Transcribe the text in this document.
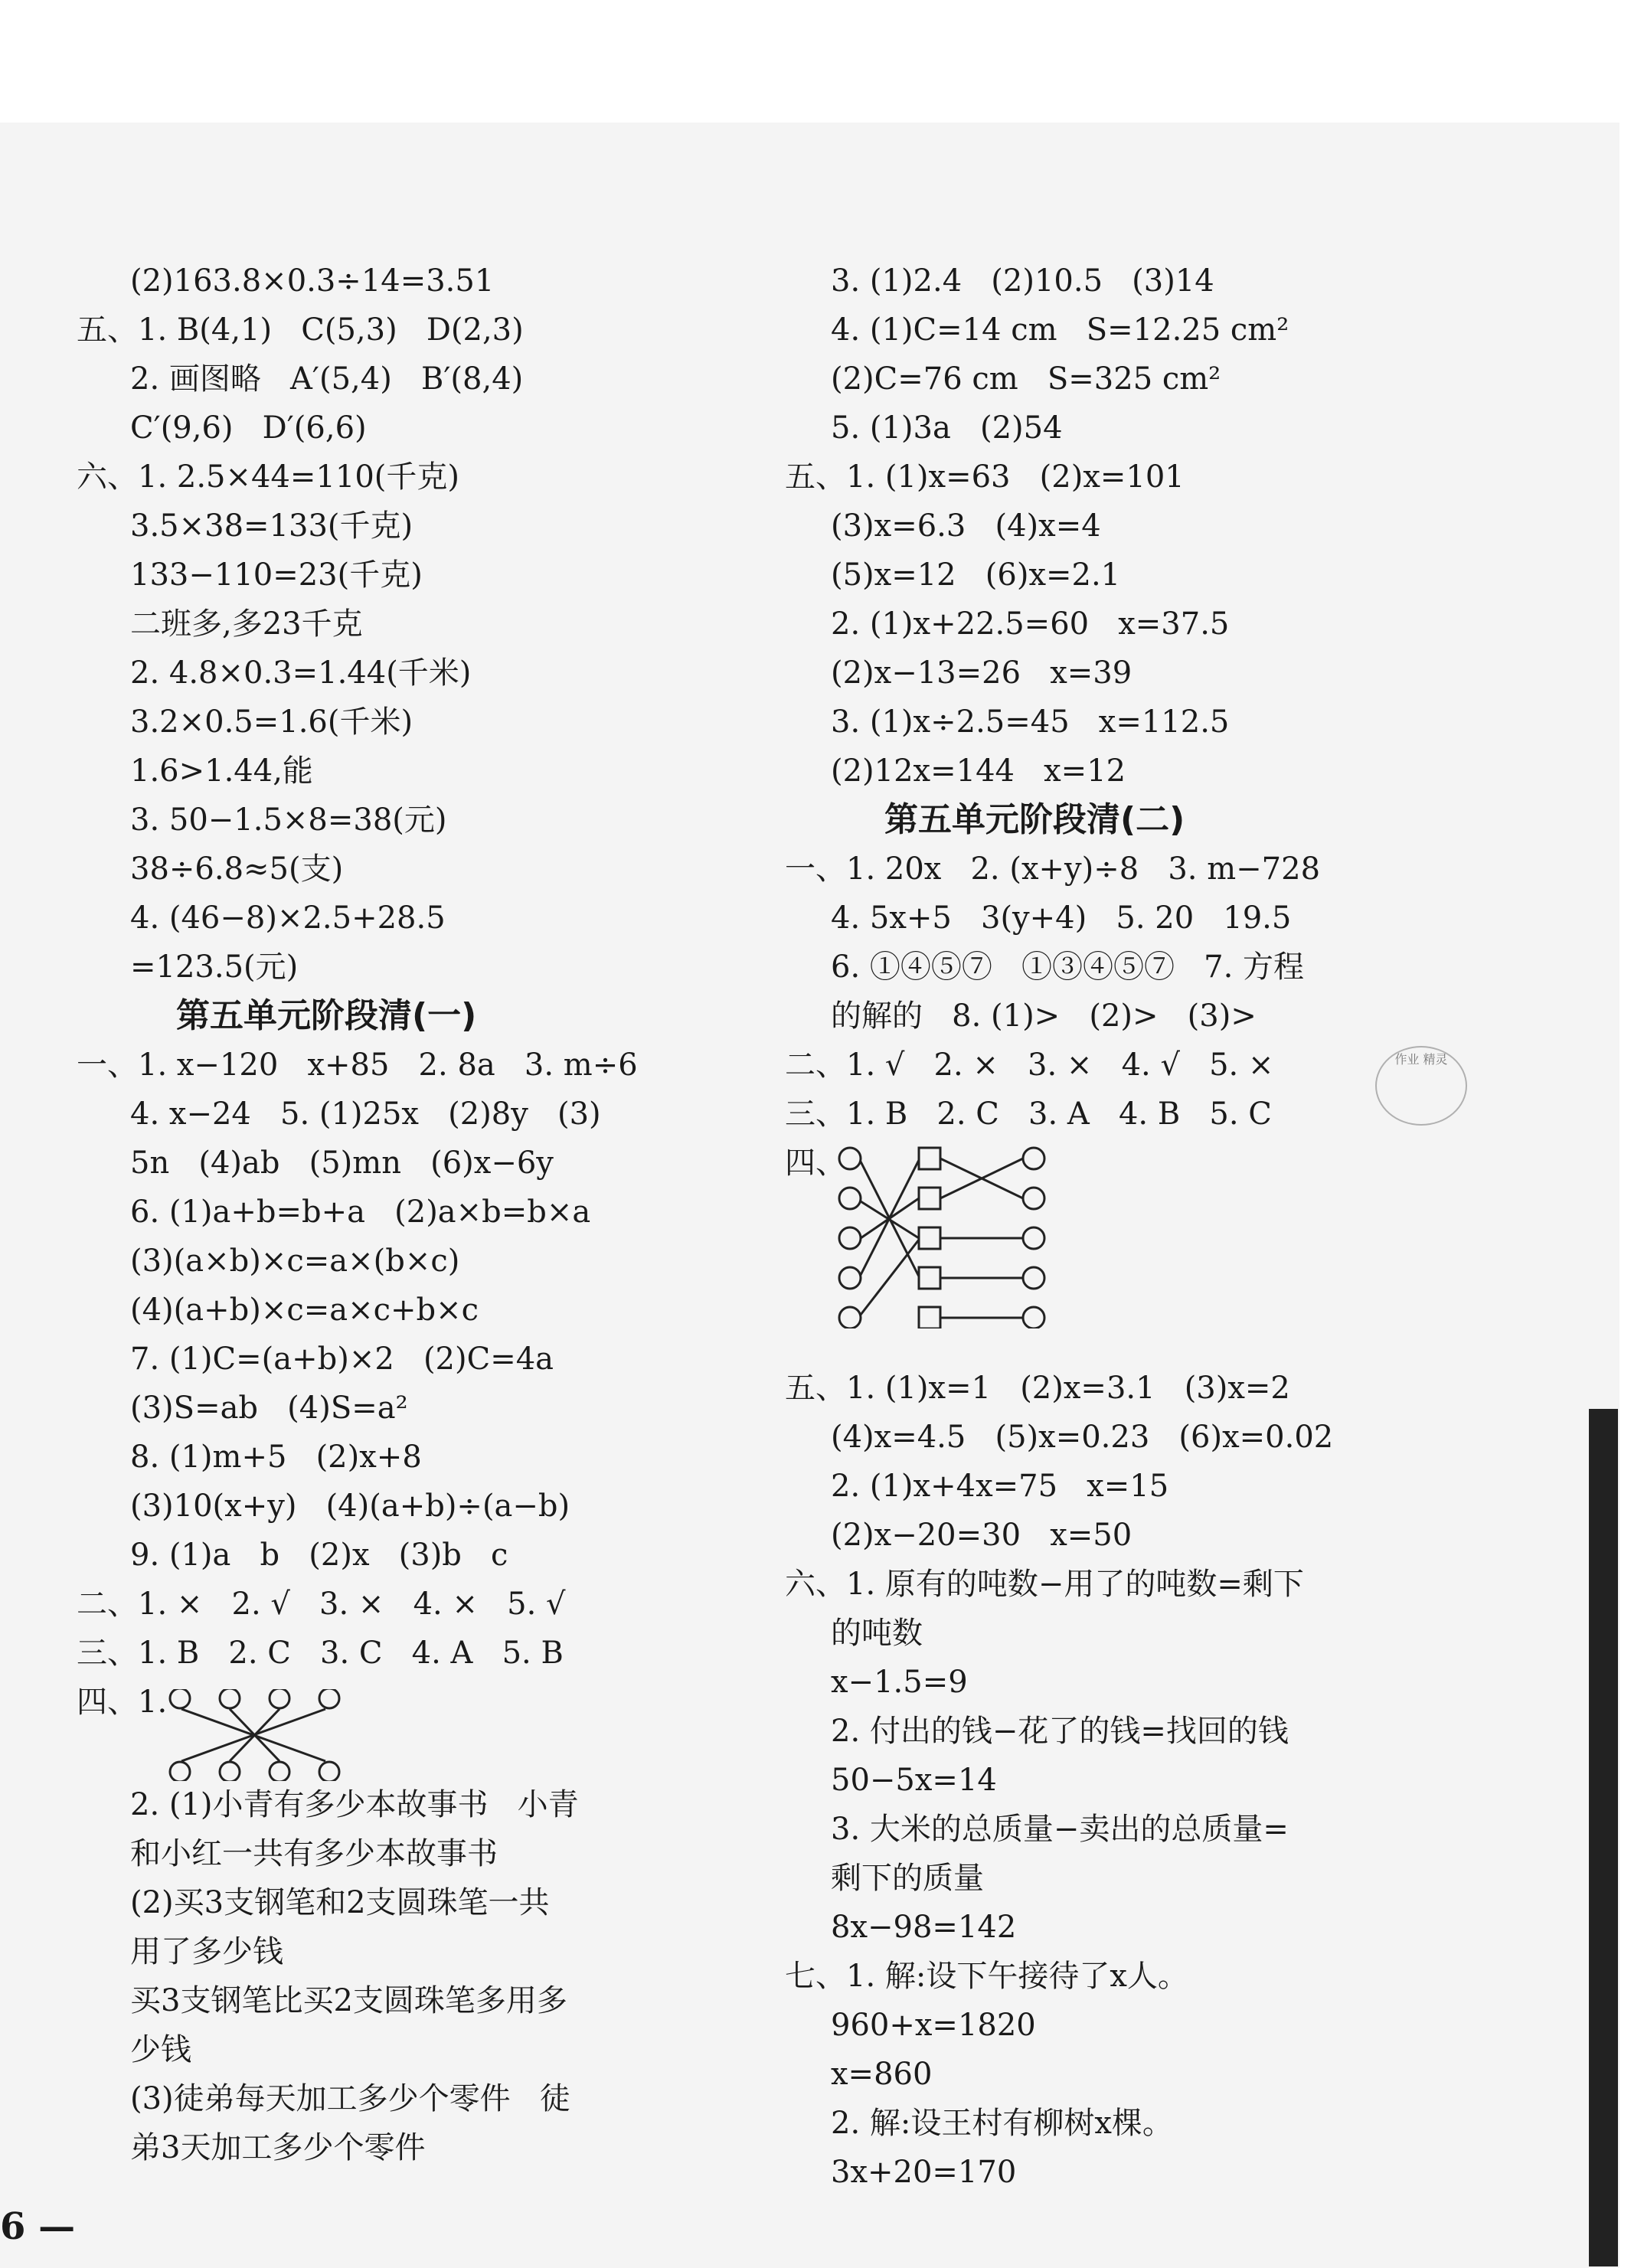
(2)163.8×0.3÷14=3.51
五、1. B(4,1)   C(5,3)   D(2,3)
2. 画图略   A′(5,4)   B′(8,4)
C′(9,6)   D′(6,6)
六、1. 2.5×44=110(千克)
3.5×38=133(千克)
133−110=23(千克)
二班多,多23千克
2. 4.8×0.3=1.44(千米)
3.2×0.5=1.6(千米)
1.6>1.44,能
3. 50−1.5×8=38(元)
38÷6.8≈5(支)
4. (46−8)×2.5+28.5
=123.5(元)
第五单元阶段清(一)
一、1. x−120   x+85   2. 8a   3. m÷6
4. x−24   5. (1)25x   (2)8y   (3)
5n   (4)ab   (5)mn   (6)x−6y
6. (1)a+b=b+a   (2)a×b=b×a
(3)(a×b)×c=a×(b×c)
(4)(a+b)×c=a×c+b×c
7. (1)C=(a+b)×2   (2)C=4a
(3)S=ab   (4)S=a²
8. (1)m+5   (2)x+8
(3)10(x+y)   (4)(a+b)÷(a−b)
9. (1)a   b   (2)x   (3)b   c
二、1. ×   2. √   3. ×   4. ×   5. √
三、1. B   2. C   3. C   4. A   5. B
四、1.
2. (1)小青有多少本故事书   小青
和小红一共有多少本故事书
(2)买3支钢笔和2支圆珠笔一共
用了多少钱
买3支钢笔比买2支圆珠笔多用多
少钱
(3)徒弟每天加工多少个零件   徒
弟3天加工多少个零件
3. (1)2.4   (2)10.5   (3)14
4. (1)C=14 cm   S=12.25 cm²
(2)C=76 cm   S=325 cm²
5. (1)3a   (2)54
五、1. (1)x=63   (2)x=101
(3)x=6.3   (4)x=4
(5)x=12   (6)x=2.1
2. (1)x+22.5=60   x=37.5
(2)x−13=26   x=39
3. (1)x÷2.5=45   x=112.5
(2)12x=144   x=12
第五单元阶段清(二)
一、1. 20x   2. (x+y)÷8   3. m−728
4. 5x+5   3(y+4)   5. 20   19.5
6. ①④⑤⑦   ①③④⑤⑦   7. 方程
的解的   8. (1)>   (2)>   (3)>
二、1. √   2. ×   3. ×   4. √   5. ×
三、1. B   2. C   3. A   4. B   5. C
四、
五、1. (1)x=1   (2)x=3.1   (3)x=2
(4)x=4.5   (5)x=0.23   (6)x=0.02
2. (1)x+4x=75   x=15
(2)x−20=30   x=50
六、1. 原有的吨数−用了的吨数=剩下
的吨数
x−1.5=9
2. 付出的钱−花了的钱=找回的钱
50−5x=14
3. 大米的总质量−卖出的总质量=
剩下的质量
8x−98=142
七、1. 解:设下午接待了x人。
960+x=1820
x=860
2. 解:设王村有柳树x棵。
3x+20=170
作业 精灵
6 —
